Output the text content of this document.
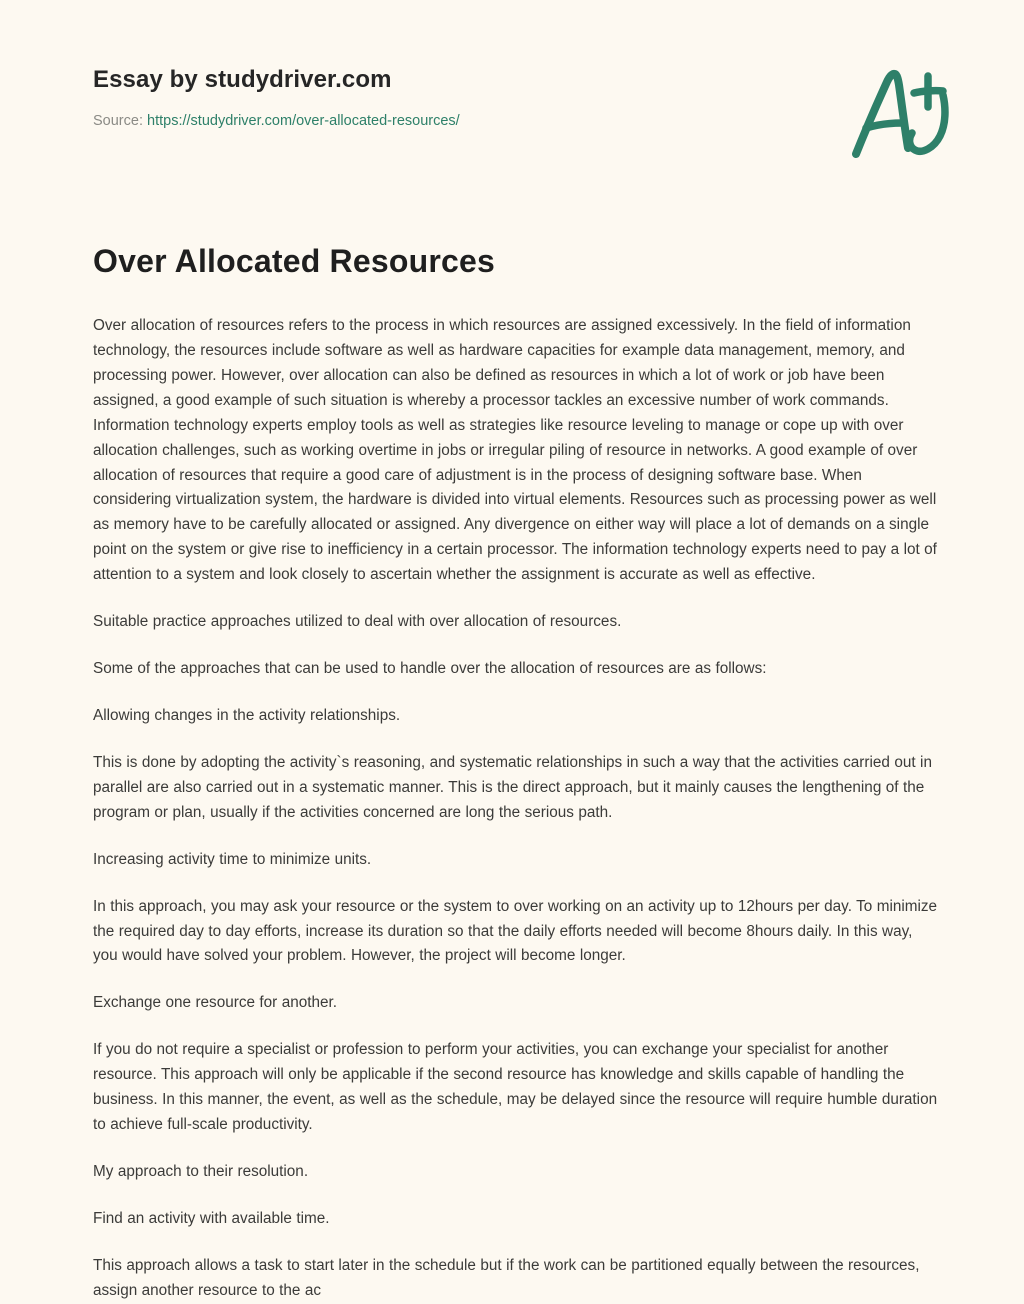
Essay by studydriver.com
Source: https://studydriver.com/over-allocated-resources/
Over Allocated Resources

Over allocation of resources refers to the process in which resources are assigned excessively. In the field of information technology, the resources include software as well as hardware capacities for example data management, memory, and processing power. However, over allocation can also be defined as resources in which a lot of work or job have been assigned, a good example of such situation is whereby a processor tackles an excessive number of work commands. Information technology experts employ tools as well as strategies like resource leveling to manage or cope up with over allocation challenges, such as working overtime in jobs or irregular piling of resource in networks. A good example of over allocation of resources that require a good care of adjustment is in the process of designing software base. When considering virtualization system, the hardware is divided into virtual elements. Resources such as processing power as well as memory have to be carefully allocated or assigned. Any divergence on either way will place a lot of demands on a single point on the system or give rise to inefficiency in a certain processor. The information technology experts need to pay a lot of attention to a system and look closely to ascertain whether the assignment is accurate as well as effective.

Suitable practice approaches utilized to deal with over allocation of resources.

Some of the approaches that can be used to handle over the allocation of resources are as follows:

Allowing changes in the activity relationships.

This is done by adopting the activity`s reasoning, and systematic relationships in such a way that the activities carried out in parallel are also carried out in a systematic manner. This is the direct approach, but it mainly causes the lengthening of the program or plan, usually if the activities concerned are long the serious path.

Increasing activity time to minimize units.

In this approach, you may ask your resource or the system to over working on an activity up to 12hours per day. To minimize the required day to day efforts, increase its duration so that the daily efforts needed will become 8hours daily. In this way, you would have solved your problem. However, the project will become longer.

Exchange one resource for another.

If you do not require a specialist or profession to perform your activities, you can exchange your specialist for another resource. This approach will only be applicable if the second resource has knowledge and skills capable of handling the business. In this manner, the event, as well as the schedule, may be delayed since the resource will require humble duration to achieve full-scale productivity.

My approach to their resolution.

Find an activity with available time.

This approach allows a task to start later in the schedule but if the work can be partitioned equally between the resources, assign another resource to the ac
